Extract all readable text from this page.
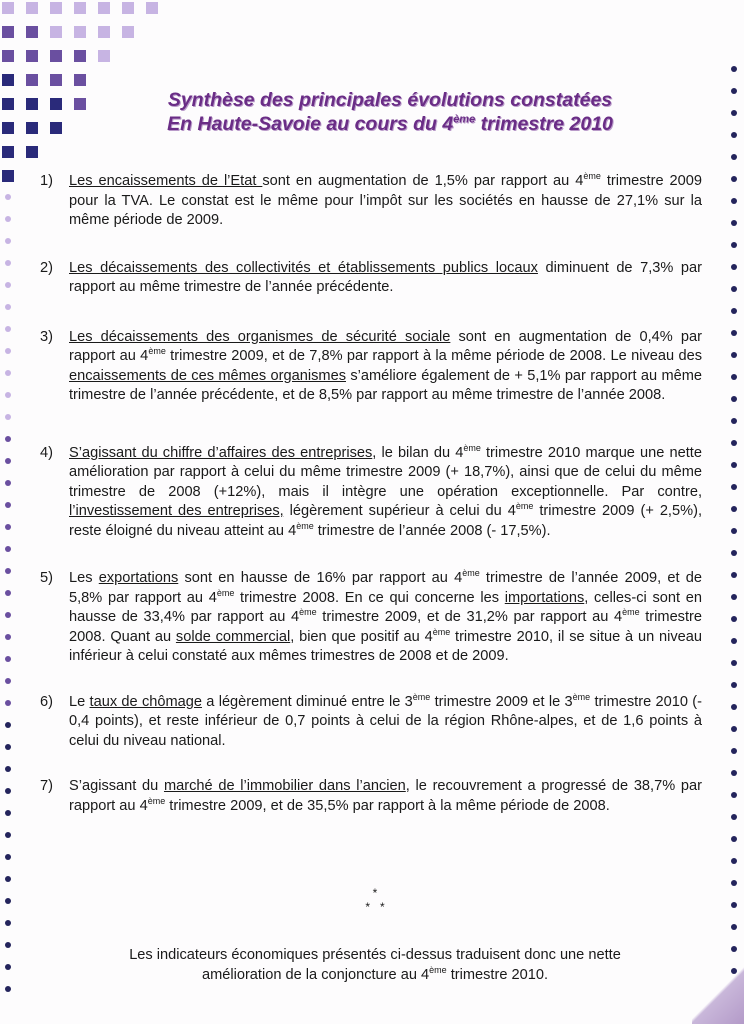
Synthèse des principales évolutions constatées
En Haute-Savoie au cours du 4ème trimestre 2010
1) Les encaissements de l’Etat sont en augmentation de 1,5% par rapport au 4ème trimestre 2009 pour la TVA. Le constat est le même pour l’impôt sur les sociétés en hausse de 27,1% sur la même période de 2009.
2) Les décaissements des collectivités et établissements publics locaux diminuent de 7,3% par rapport au même trimestre de l’année précédente.
3) Les décaissements des organismes de sécurité sociale sont en augmentation de 0,4% par rapport au 4ème trimestre 2009, et de 7,8% par rapport à la même période de 2008. Le niveau des encaissements de ces mêmes organismes s’améliore également de + 5,1% par rapport au même trimestre de l’année précédente, et de 8,5% par rapport au même trimestre de l’année 2008.
4) S’agissant du chiffre d’affaires des entreprises, le bilan du 4ème trimestre 2010 marque une nette amélioration par rapport à celui du même trimestre 2009 (+ 18,7%), ainsi que de celui du même trimestre de 2008 (+12%), mais il intègre une opération exceptionnelle. Par contre, l’investissement des entreprises, légèrement supérieur à celui du 4ème trimestre 2009 (+ 2,5%), reste éloigné du niveau atteint au 4ème trimestre de l’année 2008 (- 17,5%).
5) Les exportations sont en hausse de 16% par rapport au 4ème trimestre de l’année 2009, et de 5,8% par rapport au 4ème trimestre 2008. En ce qui concerne les importations, celles-ci sont en hausse de 33,4% par rapport au 4ème trimestre 2009, et de 31,2% par rapport au 4ème trimestre 2008. Quant au solde commercial, bien que positif au 4ème trimestre 2010, il se situe à un niveau inférieur à celui constaté aux mêmes trimestres de 2008 et de 2009.
6) Le taux de chômage a légèrement diminué entre le 3ème trimestre 2009 et le 3ème trimestre 2010 (- 0,4 points), et reste inférieur de 0,7 points à celui de la région Rhône-alpes, et de 1,6 points à celui du niveau national.
7) S’agissant du marché de l’immobilier dans l’ancien, le recouvrement a progressé de 38,7% par rapport au 4ème trimestre 2009, et de 35,5% par rapport à la même période de 2008.
*
*   *
Les indicateurs économiques présentés ci-dessus traduisent donc une nette
amélioration de la conjoncture au 4ème trimestre 2010.
